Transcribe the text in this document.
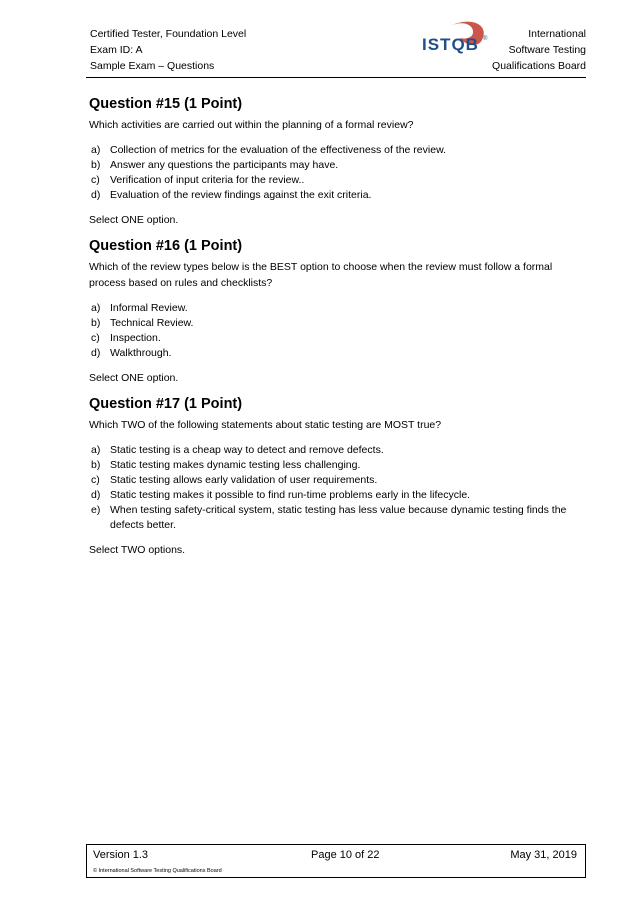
Certified Tester, Foundation Level
Exam ID: A
Sample Exam – Questions
ISTQB ®	International
Software Testing
Qualifications Board
Question #15 (1 Point)
Which activities are carried out within the planning of a formal review?
a) Collection of metrics for the evaluation of the effectiveness of the review.
b) Answer any questions the participants may have.
c) Verification of input criteria for the review..
d) Evaluation of the review findings against the exit criteria.
Select ONE option.
Question #16 (1 Point)
Which of the review types below is the BEST option to choose when the review must follow a formal process based on rules and checklists?
a) Informal Review.
b) Technical Review.
c) Inspection.
d) Walkthrough.
Select ONE option.
Question #17 (1 Point)
Which TWO of the following statements about static testing are MOST true?
a) Static testing is a cheap way to detect and remove defects.
b) Static testing makes dynamic testing less challenging.
c) Static testing allows early validation of user requirements.
d) Static testing makes it possible to find run-time problems early in the lifecycle.
e) When testing safety-critical system, static testing has less value because dynamic testing finds the defects better.
Select TWO options.
Version 1.3	Page 10 of 22	May 31, 2019
© International Software Testing Qualifications Board
